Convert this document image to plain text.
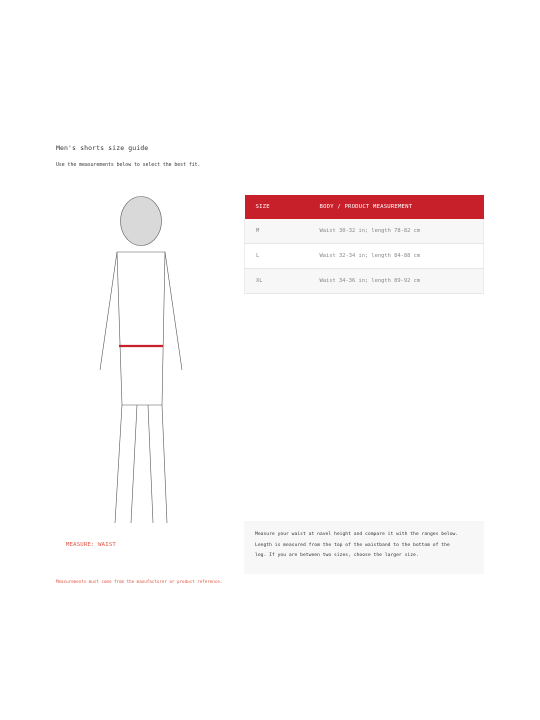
Men's shorts size guide
Use the measurements below to select the best fit.
MEASURE: WAIST
Measurements must come from the manufacturer or product reference.
SIZE	BODY / PRODUCT MEASUREMENT
M	Waist 30-32 in; length 78-82 cm
L	Waist 32-34 in; length 84-88 cm
XL	Waist 34-36 in; length 89-92 cm
Measure your waist at navel height and compare it with the ranges below.
Length is measured from the top of the waistband to the bottom of the
leg. If you are between two sizes, choose the larger size.
